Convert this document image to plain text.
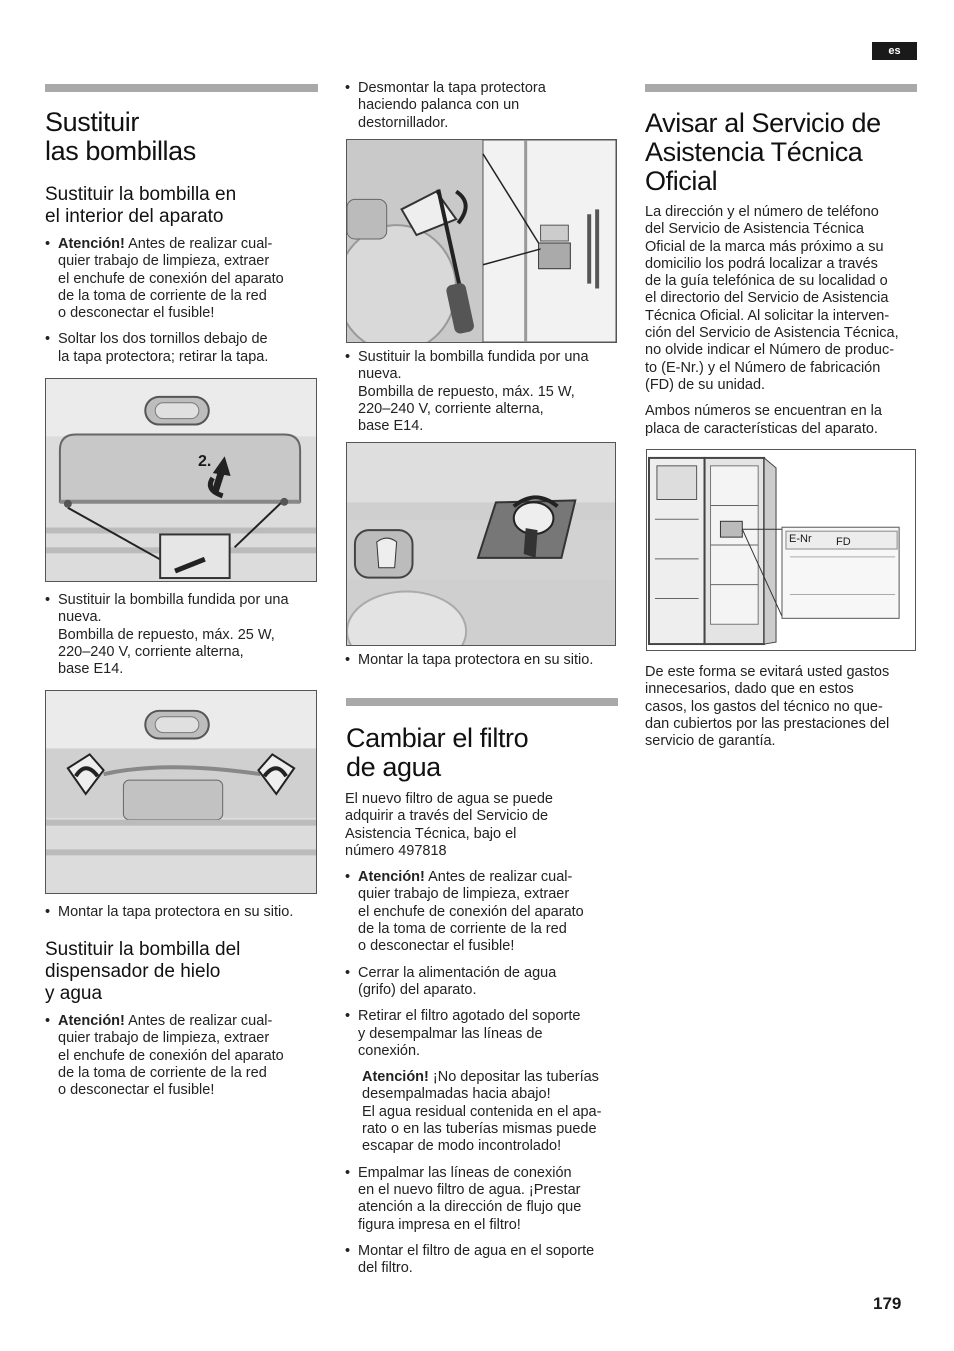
es
Sustituir
las bombillas
Sustituir la bombilla en
el interior del aparato
• Atención! Antes de realizar cual-
quier trabajo de limpieza, extraer
el enchufe de conexión del aparato
de la toma de corriente de la red
o desconectar el fusible!
• Soltar los dos tornillos debajo de
la tapa protectora; retirar la tapa.
2.
• Sustituir la bombilla fundida por una
nueva.
Bombilla de repuesto, máx. 25 W,
220–240 V, corriente alterna,
base E14.
• Montar la tapa protectora en su sitio.
Sustituir la bombilla del
dispensador de hielo
y agua
• Atención! Antes de realizar cual-
quier trabajo de limpieza, extraer
el enchufe de conexión del aparato
de la toma de corriente de la red
o desconectar el fusible!
• Desmontar la tapa protectora
haciendo palanca con un
destornillador.
• Sustituir la bombilla fundida por una
nueva.
Bombilla de repuesto, máx. 15 W,
220–240 V, corriente alterna,
base E14.
• Montar la tapa protectora en su sitio.
Cambiar el filtro
de agua

El nuevo filtro de agua se puede
adquirir a través del Servicio de
Asistencia Técnica, bajo el
número 497818

• Atención! Antes de realizar cual-
quier trabajo de limpieza, extraer
el enchufe de conexión del aparato
de la toma de corriente de la red
o desconectar el fusible!
• Cerrar la alimentación de agua
(grifo) del aparato.
• Retirar el filtro agotado del soporte
y desempalmar las líneas de
conexión.
Atención! ¡No depositar las tuberías
desempalmadas hacia abajo!
El agua residual contenida en el apa-
rato o en las tuberías mismas puede
escapar de modo incontrolado!
• Empalmar las líneas de conexión
en el nuevo filtro de agua. ¡Prestar
atención a la dirección de flujo que
figura impresa en el filtro!
• Montar el filtro de agua en el soporte
del filtro.
Avisar al Servicio de
Asistencia Técnica
Oficial

La dirección y el número de teléfono
del Servicio de Asistencia Técnica
Oficial de la marca más próximo a su
domicilio los podrá localizar a través
de la guía telefónica de su localidad o
el directorio del Servicio de Asistencia
Técnica Oficial. Al solicitar la interven-
ción del Servicio de Asistencia Técnica,
no olvide indicar el Número de produc-
to (E-Nr.) y el Número de fabricación
(FD) de su unidad.

Ambos números se encuentran en la
placa de características del aparato.

E-Nr FD

De este forma se evitará usted gastos
innecesarios, dado que en estos
casos, los gastos del técnico no que-
dan cubiertos por las prestaciones del
servicio de garantía.

179
